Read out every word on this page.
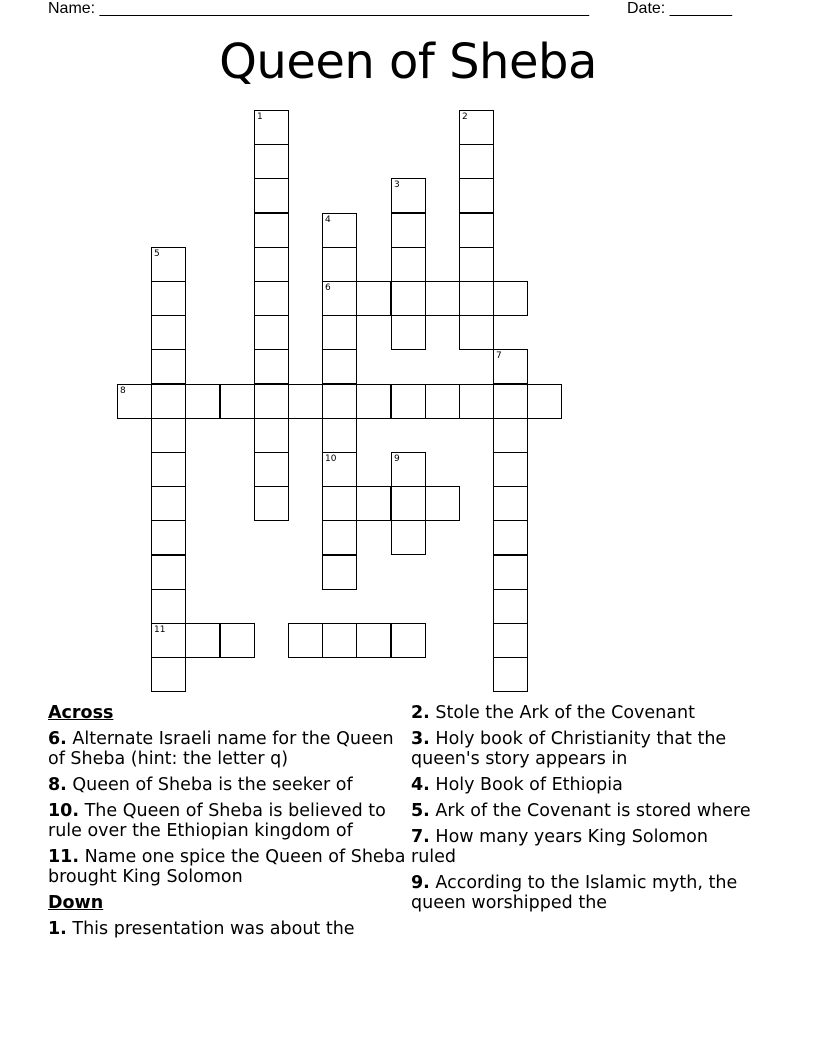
Name: _______________________________________________________ Date: _______
Queen of Sheba
1	2
3
4
6
10
5
11
7
8
9
Across
6. Alternate Israeli name for the Queen of Sheba (hint: the letter q)
8. Queen of Sheba is the seeker of
10. The Queen of Sheba is believed to rule over the Ethiopian kingdom of
11. Name one spice the Queen of Sheba brought King Solomon
Down
1. This presentation was about the
2. Stole the Ark of the Covenant
3. Holy book of Christianity that the queen's story appears in
4. Holy Book of Ethiopia
5. Ark of the Covenant is stored where
7. How many years King Solomon ruled
9. According to the Islamic myth, the queen worshipped the
